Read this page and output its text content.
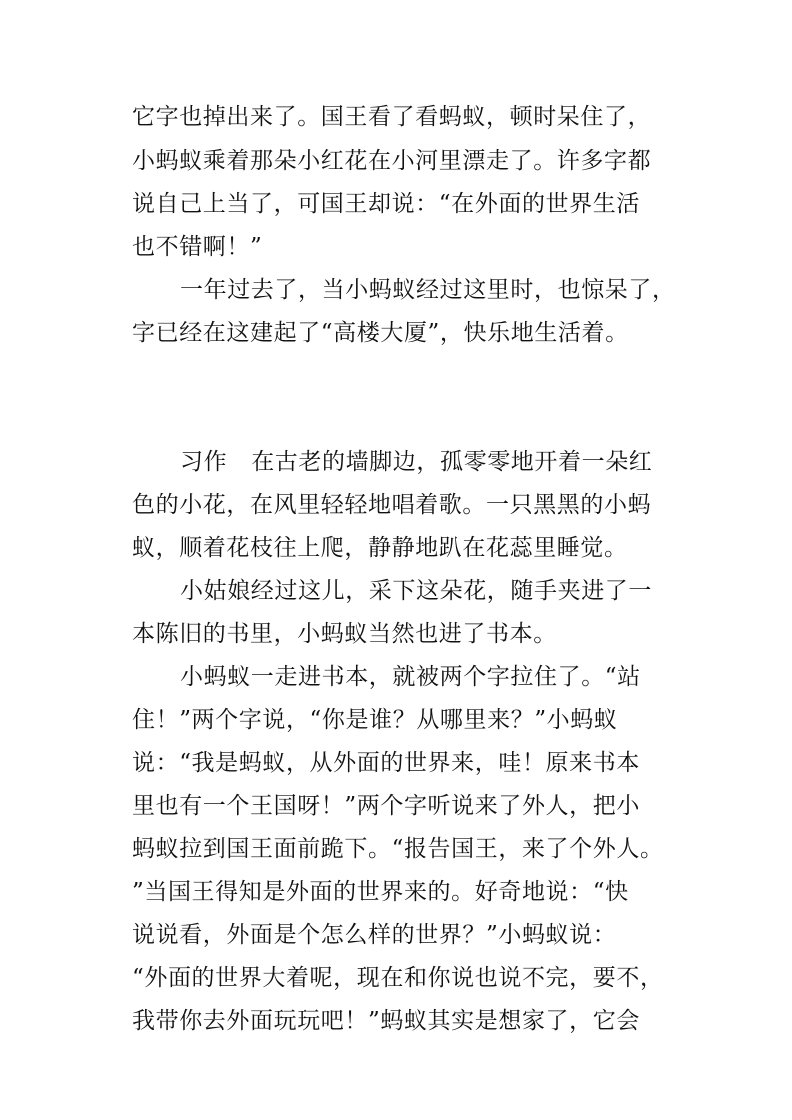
它字也掉出来了。国王看了看蚂蚁，顿时呆住了，
小蚂蚁乘着那朵小红花在小河里漂走了。许多字都
说自己上当了，可国王却说：“在外面的世界生活
也不错啊！”
一年过去了，当小蚂蚁经过这里时，也惊呆了，
字已经在这建起了“高楼大厦”，快乐地生活着。
习作 在古老的墙脚边，孤零零地开着一朵红
色的小花，在风里轻轻地唱着歌。一只黑黑的小蚂
蚁，顺着花枝往上爬，静静地趴在花蕊里睡觉。
小姑娘经过这儿，采下这朵花，随手夹进了一
本陈旧的书里，小蚂蚁当然也进了书本。
小蚂蚁一走进书本，就被两个字拉住了。“站
住！”两个字说，“你是谁？从哪里来？”小蚂蚁
说：“我是蚂蚁，从外面的世界来，哇！原来书本
里也有一个王国呀！”两个字听说来了外人，把小
蚂蚁拉到国王面前跪下。“报告国王，来了个外人。
”当国王得知是外面的世界来的。好奇地说：“快
说说看，外面是个怎么样的世界？”小蚂蚁说：
“外面的世界大着呢，现在和你说也说不完，要不，
我带你去外面玩玩吧！”蚂蚁其实是想家了，它会
